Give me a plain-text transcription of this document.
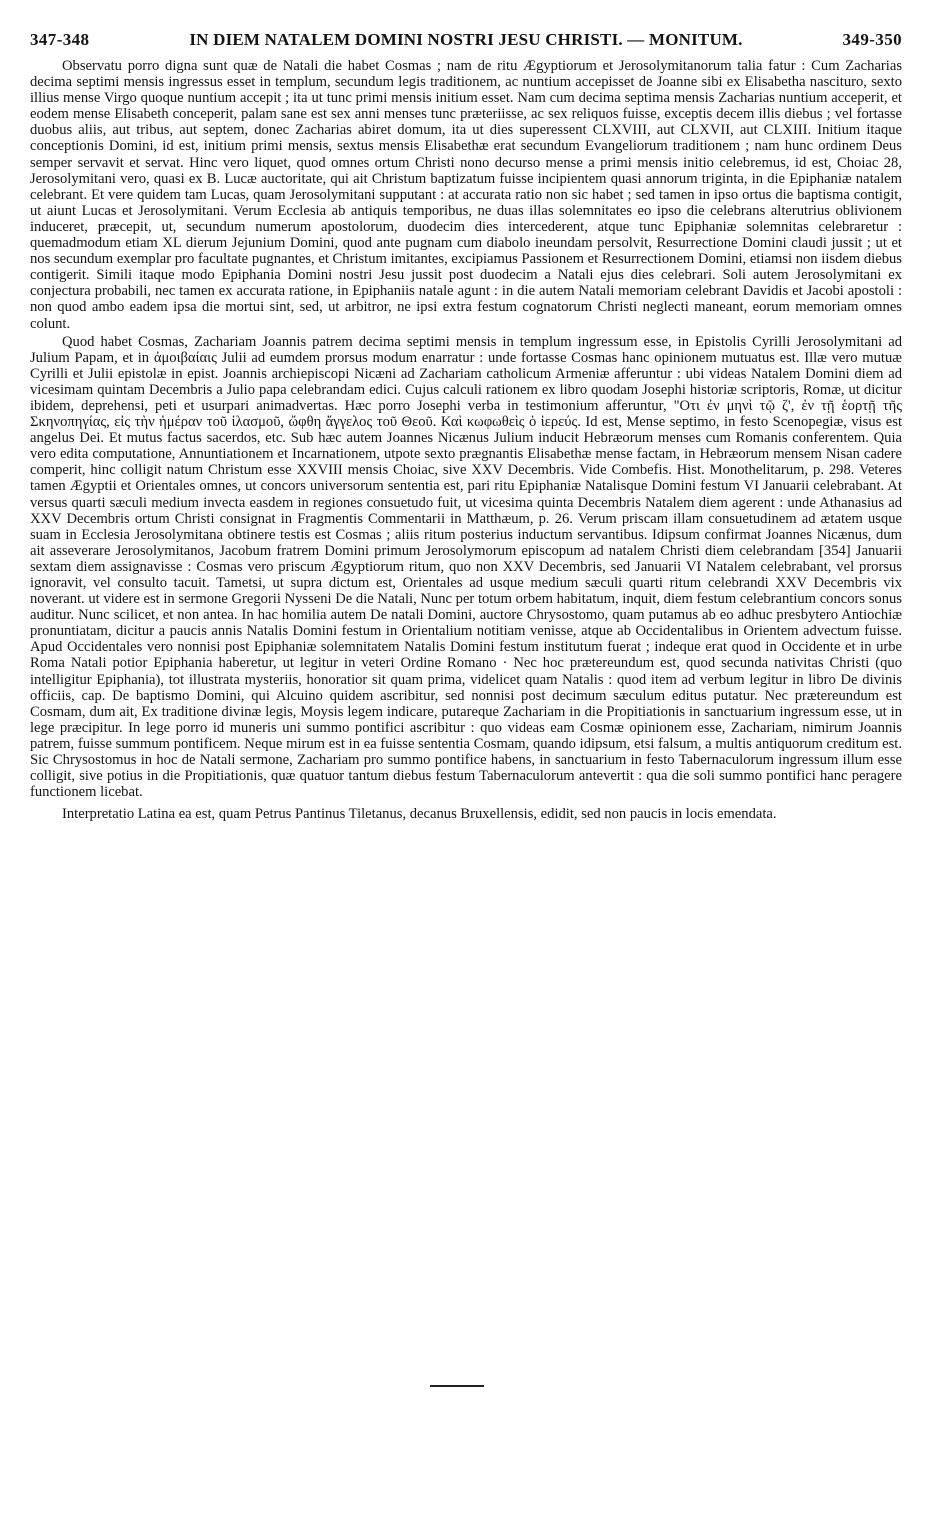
347-348	IN DIEM NATALEM DOMINI NOSTRI JESU CHRISTI. — MONITUM.	349-350

Observatu porro digna sunt quæ de Natali die habet Cosmas ; nam de ritu Ægyptiorum et Jerosolymitanorum talia fatur : Cum Zacharias decima septimi mensis ingressus esset in templum, secundum legis traditionem, ac nuntium accepisset de Joanne sibi ex Elisabetha nascituro, sexto illius mense Virgo quoque nuntium accepit ; ita ut tunc primi mensis initium esset. Nam cum decima septima mensis Zacharias nuntium acceperit, et eodem mense Elisabeth conceperit, palam sane est sex anni menses tunc præteriisse, ac sex reliquos fuisse, exceptis decem illis diebus ; vel fortasse duobus aliis, aut tribus, aut septem, donec Zacharias abiret domum, ita ut dies superessent CLXVIII, aut CLXVII, aut CLXIII. Initium itaque conceptionis Domini, id est, initium primi mensis, sextus mensis Elisabethæ erat secundum Evangeliorum traditionem ; nam hunc ordinem Deus semper servavit et servat. Hinc vero liquet, quod omnes ortum Christi nono decurso mense a primi mensis initio celebremus, id est, Choiac 28, Jerosolymitani vero, quasi ex B. Lucæ auctoritate, qui ait Christum baptizatum fuisse incipientem quasi annorum triginta, in die Epiphaniæ natalem celebrant. Et vere quidem tam Lucas, quam Jerosolymitani supputant : at accurata ratio non sic habet ; sed tamen in ipso ortus die baptisma contigit, ut aiunt Lucas et Jerosolymitani. Verum Ecclesia ab antiquis temporibus, ne duas illas solemnitates eo ipso die celebrans alterutrius oblivionem induceret, præcepit, ut, secundum numerum apostolorum, duodecim dies intercederent, atque tunc Epiphaniæ solemnitas celebraretur : quemadmodum etiam XL dierum Jejunium Domini, quod ante pugnam cum diabolo ineundam persolvit, Resurrectione Domini claudi jussit ; ut et nos secundum exemplar pro facultate pugnantes, et Christum imitantes, excipiamus Passionem et Resurrectionem Domini, etiamsi non iisdem diebus contigerit. Simili itaque modo Epiphania Domini nostri Jesu jussit post duodecim a Natali ejus dies celebrari. Soli autem Jerosolymitani ex conjectura probabili, nec tamen ex accurata ratione, in Epiphaniis natale agunt : in die autem Natali memoriam celebrant Davidis et Jacobi apostoli : non quod ambo eadem ipsa die mortui sint, sed, ut arbitror, ne ipsi extra festum cognatorum Christi neglecti maneant, eorum memoriam omnes colunt.

Quod habet Cosmas, Zachariam Joannis patrem decima septimi mensis in templum ingressum esse, in Epistolis Cyrilli Jerosolymitani ad Julium Papam, et in ἀμοιβαίαις Julii ad eumdem prorsus modum enarratur : unde fortasse Cosmas hanc opinionem mutuatus est. Illæ vero mutuæ Cyrilli et Julii epistolæ in epist. Joannis archiepiscopi Nicæni ad Zachariam catholicum Armeniæ afferuntur : ubi videas Natalem Domini diem ad vicesimam quintam Decembris a Julio papa celebrandam edici. Cujus calculi rationem ex libro quodam Josephi historiæ scriptoris, Romæ, ut dicitur ibidem, deprehensi, peti et usurpari animadvertas. Hæc porro Josephi verba in testimonium afferuntur, "Οτι ἐν μηνὶ τῷ ζ', ἐν τῇ ἑορτῇ τῆς Σκηνοπηγίας, εἰς τὴν ἡμέραν τοῦ ἱλασμοῦ, ὤφθη ἄγγελος τοῦ Θεοῦ. Καὶ κωφωθεὶς ὁ ἱερεύς. Id est, Mense septimo, in festo Scenopegiæ, visus est angelus Dei. Et mutus factus sacerdos, etc. Sub hæc autem Joannes Nicænus Julium inducit Hebræorum menses cum Romanis conferentem. Quia vero edita computatione, Annuntiationem et Incarnationem, utpote sexto prægnantis Elisabethæ mense factam, in Hebræorum mensem Nisan cadere comperit, hinc colligit natum Christum esse XXVIII mensis Choiac, sive XXV Decembris. Vide Combefis. Hist. Monothelitarum, p. 298. Veteres tamen Ægyptii et Orientales omnes, ut concors universorum sententia est, pari ritu Epiphaniæ Natalisque Domini festum VI Januarii celebrabant. At versus quarti sæculi medium invecta easdem in regiones consuetudo fuit, ut vicesima quinta Decembris Natalem diem agerent : unde Athanasius ad XXV Decembris ortum Christi consignat in Fragmentis Commentarii in Matthæum, p. 26. Verum priscam illam consuetudinem ad ætatem usque suam in Ecclesia Jerosolymitana obtinere testis est Cosmas ; aliis ritum posterius inductum servantibus. Idipsum confirmat Joannes Nicænus, dum ait asseverare Jerosolymitanos, Jacobum fratrem Domini primum Jerosolymorum episcopum ad natalem Christi diem celebrandam [354] Januarii sextam diem assignavisse : Cosmas vero priscum Ægyptiorum ritum, quo non XXV Decembris, sed Januarii VI Natalem celebrabant, vel prorsus ignoravit, vel consulto tacuit. Tametsi, ut supra dictum est, Orientales ad usque medium sæculi quarti ritum celebrandi XXV Decembris vix noverant. ut videre est in sermone Gregorii Nysseni De die Natali, Nunc per totum orbem habitatum, inquit, diem festum celebrantium concors sonus auditur. Nunc scilicet, et non antea. In hac homilia autem De natali Domini, auctore Chrysostomo, quam putamus ab eo adhuc presbytero Antiochiæ pronuntiatam, dicitur a paucis annis Natalis Domini festum in Orientalium notitiam venisse, atque ab Occidentalibus in Orientem advectum fuisse. Apud Occidentales vero nonnisi post Epiphaniæ solemnitatem Natalis Domini festum institutum fuerat ; indeque erat quod in Occidente et in urbe Roma Natali potior Epiphania haberetur, ut legitur in veteri Ordine Romano · Nec hoc prætereundum est, quod secunda nativitas Christi (quo intelligitur Epiphania), tot illustrata mysteriis, honoratior sit quam prima, videlicet quam Natalis : quod item ad verbum legitur in libro De divinis officiis, cap. De baptismo Domini, qui Alcuino quidem ascribitur, sed nonnisi post decimum sæculum editus putatur. Nec prætereundum est Cosmam, dum ait, Ex traditione divinæ legis, Moysis legem indicare, putareque Zachariam in die Propitiationis in sanctuarium ingressum esse, ut in lege præcipitur. In lege porro id muneris uni summo pontifici ascribitur : quo videas eam Cosmæ opinionem esse, Zachariam, nimirum Joannis patrem, fuisse summum pontificem. Neque mirum est in ea fuisse sententia Cosmam, quando idipsum, etsi falsum, a multis antiquorum creditum est. Sic Chrysostomus in hoc de Natali sermone, Zachariam pro summo pontifice habens, in sanctuarium in festo Tabernaculorum ingressum illum esse colligit, sive potius in die Propitiationis, quæ quatuor tantum diebus festum Tabernaculorum antevertit : qua die soli summo pontifici hanc peragere functionem licebat.

Interpretatio Latina ea est, quam Petrus Pantinus Tiletanus, decanus Bruxellensis, edidit, sed non paucis in locis emendata.
